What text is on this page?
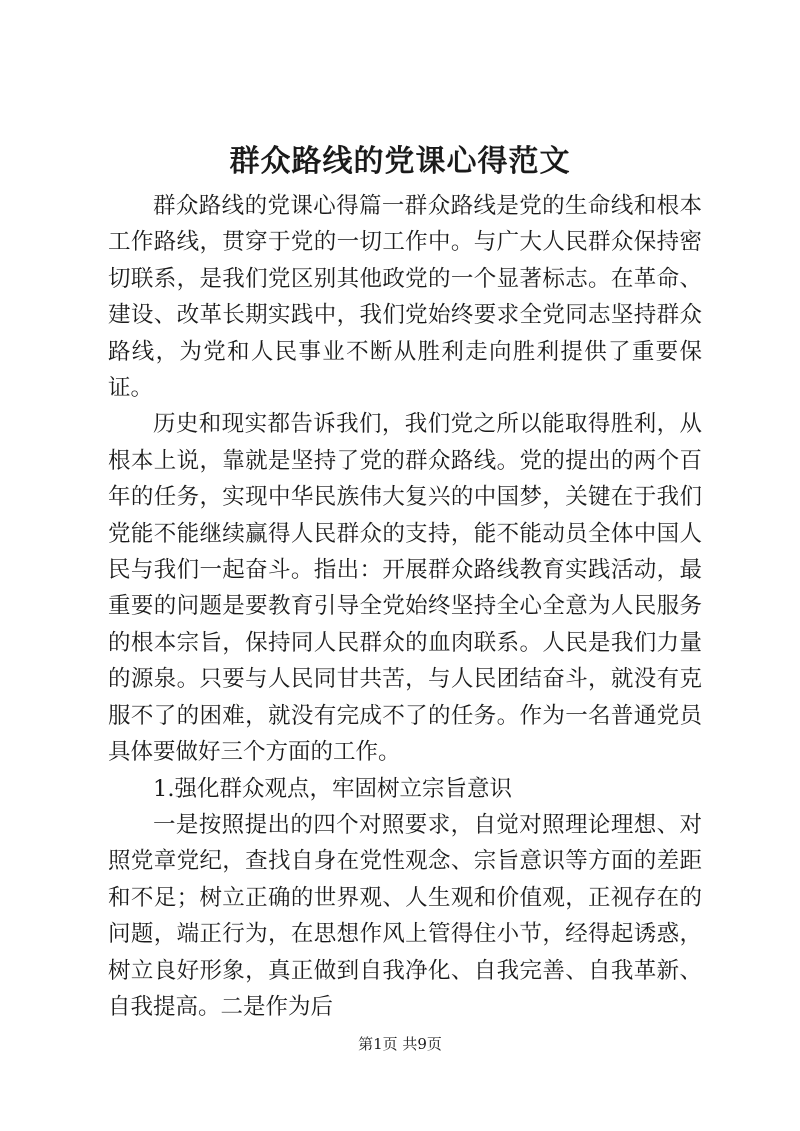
群众路线的党课心得范文

群众路线的党课心得篇一群众路线是党的生命线和根本工作路线，贯穿于党的一切工作中。与广大人民群众保持密切联系，是我们党区别其他政党的一个显著标志。在革命、建设、改革长期实践中，我们党始终要求全党同志坚持群众路线，为党和人民事业不断从胜利走向胜利提供了重要保证。

历史和现实都告诉我们，我们党之所以能取得胜利，从根本上说，靠就是坚持了党的群众路线。党的提出的两个百年的任务，实现中华民族伟大复兴的中国梦，关键在于我们党能不能继续赢得人民群众的支持，能不能动员全体中国人民与我们一起奋斗。指出：开展群众路线教育实践活动，最重要的问题是要教育引导全党始终坚持全心全意为人民服务的根本宗旨，保持同人民群众的血肉联系。人民是我们力量的源泉。只要与人民同甘共苦，与人民团结奋斗，就没有克服不了的困难，就没有完成不了的任务。作为一名普通党员具体要做好三个方面的工作。

1.强化群众观点，牢固树立宗旨意识

一是按照提出的四个对照要求，自觉对照理论理想、对照党章党纪，查找自身在党性观念、宗旨意识等方面的差距和不足；树立正确的世界观、人生观和价值观，正视存在的问题，端正行为，在思想作风上管得住小节，经得起诱惑，树立良好形象，真正做到自我净化、自我完善、自我革新、自我提高。二是作为后

第1页 共9页
